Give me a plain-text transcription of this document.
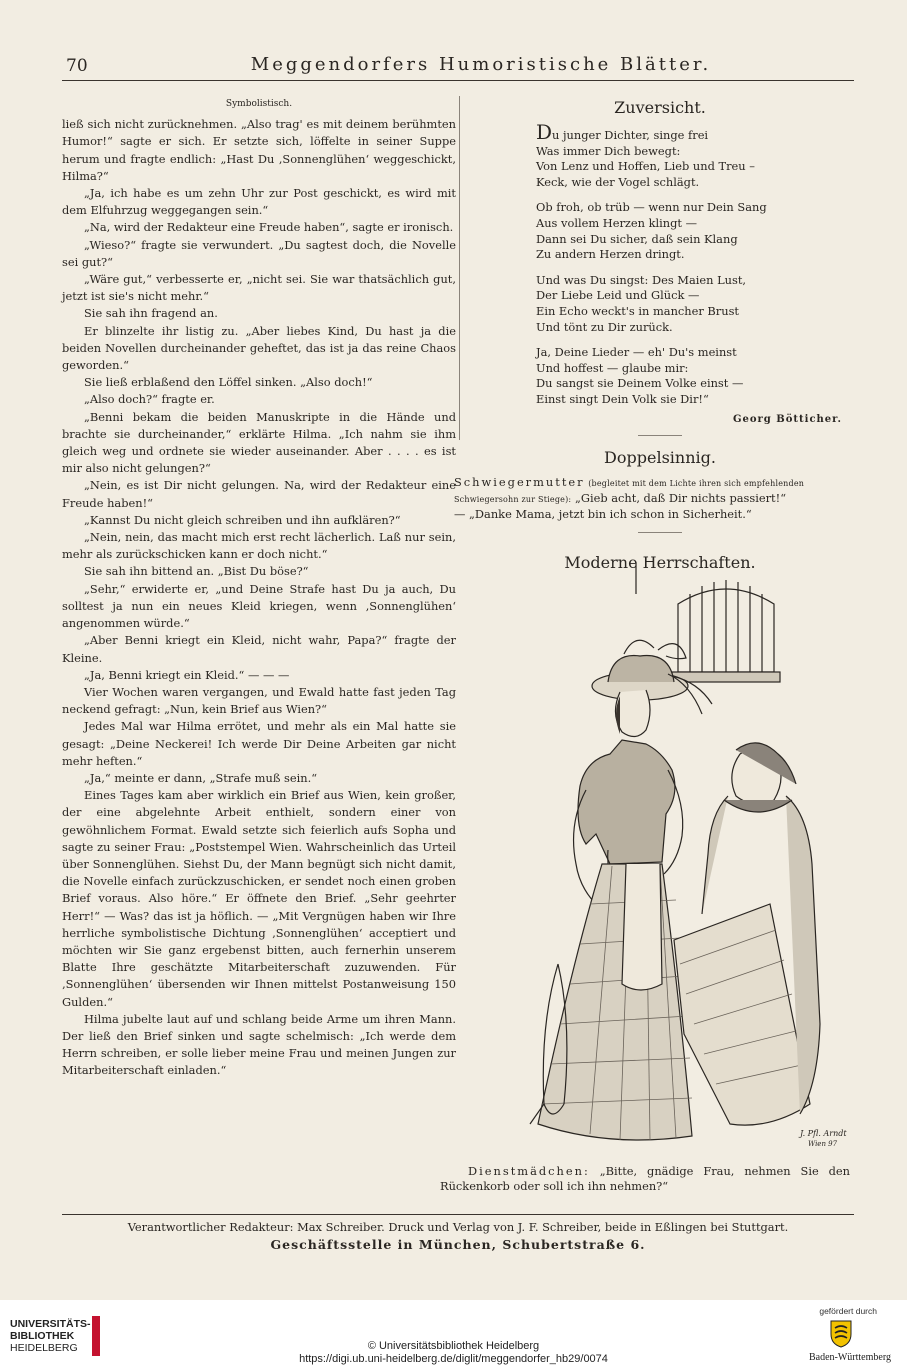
70	Meggendorfers Humoristische Blätter.
Symbolistisch.

ließ sich nicht zurücknehmen. „Also trag' es mit deinem berühmten Humor!“ sagte er sich. Er setzte sich, löffelte in seiner Suppe herum und fragte endlich: „Hast Du ‚Sonnenglühen‘ weggeschickt, Hilma?“

„Ja, ich habe es um zehn Uhr zur Post geschickt, es wird mit dem Elfuhrzug weggegangen sein.“

„Na, wird der Redakteur eine Freude haben“, sagte er ironisch.

„Wieso?“ fragte sie verwundert. „Du sagtest doch, die Novelle sei gut?“

„Wäre gut,“ verbesserte er, „nicht sei. Sie war thatsächlich gut, jetzt ist sie's nicht mehr.“

Sie sah ihn fragend an.

Er blinzelte ihr listig zu. „Aber liebes Kind, Du hast ja die beiden Novellen durcheinander geheftet, das ist ja das reine Chaos geworden.“

Sie ließ erblaßend den Löffel sinken. „Also doch!“

„Also doch?“ fragte er.

„Benni bekam die beiden Manuskripte in die Hände und brachte sie durcheinander,“ erklärte Hilma. „Ich nahm sie ihm gleich weg und ordnete sie wieder auseinander. Aber . . . . es ist mir also nicht gelungen?“

„Nein, es ist Dir nicht gelungen. Na, wird der Redakteur eine Freude haben!“

„Kannst Du nicht gleich schreiben und ihn aufklären?“

„Nein, nein, das macht mich erst recht lächerlich. Laß nur sein, mehr als zurückschicken kann er doch nicht.“

Sie sah ihn bittend an. „Bist Du böse?“

„Sehr,“ erwiderte er, „und Deine Strafe hast Du ja auch, Du solltest ja nun ein neues Kleid kriegen, wenn ‚Sonnenglühen‘ angenommen würde.“

„Aber Benni kriegt ein Kleid, nicht wahr, Papa?“ fragte der Kleine.

„Ja, Benni kriegt ein Kleid.“ — — —

Vier Wochen waren vergangen, und Ewald hatte fast jeden Tag neckend gefragt: „Nun, kein Brief aus Wien?“

Jedes Mal war Hilma errötet, und mehr als ein Mal hatte sie gesagt: „Deine Neckerei! Ich werde Dir Deine Arbeiten gar nicht mehr heften.“

„Ja,“ meinte er dann, „Strafe muß sein.“

Eines Tages kam aber wirklich ein Brief aus Wien, kein großer, der eine abgelehnte Arbeit enthielt, sondern einer von gewöhnlichem Format. Ewald setzte sich feierlich aufs Sopha und sagte zu seiner Frau: „Poststempel Wien. Wahrscheinlich das Urteil über Sonnenglühen. Siehst Du, der Mann begnügt sich nicht damit, die Novelle einfach zurückzuschicken, er sendet noch einen groben Brief voraus. Also höre.“ Er öffnete den Brief. „Sehr geehrter Herr!“ — Was? das ist ja höflich. — „Mit Vergnügen haben wir Ihre herrliche symbolistische Dichtung ‚Sonnenglühen‘ acceptiert und möchten wir Sie ganz ergebenst bitten, auch fernerhin unserem Blatte Ihre geschätzte Mitarbeiterschaft zuzuwenden. Für ‚Sonnenglühen‘ übersenden wir Ihnen mittelst Postanweisung 150 Gulden.“

Hilma jubelte laut auf und schlang beide Arme um ihren Mann. Der ließ den Brief sinken und sagte schelmisch: „Ich werde dem Herrn schreiben, er solle lieber meine Frau und meinen Jungen zur Mitarbeiterschaft einladen.“

Zuversicht.
Du junger Dichter, singe frei
Was immer Dich bewegt:
Von Lenz und Hoffen, Lieb und Treu –
Keck, wie der Vogel schlägt.
Ob froh, ob trüb — wenn nur Dein Sang
Aus vollem Herzen klingt —
Dann sei Du sicher, daß sein Klang
Zu andern Herzen dringt.
Und was Du singst: Des Maien Lust,
Der Liebe Leid und Glück —
Ein Echo weckt's in mancher Brust
Und tönt zu Dir zurück.
Ja, Deine Lieder — eh' Du's meinst
Und hoffest — glaube mir:
Du sangst sie Deinem Volke einst —
Einst singt Dein Volk sie Dir!“
Georg Bötticher.
Doppelsinnig.
Schwiegermutter (begleitet mit dem Lichte ihren sich empfehlenden Schwiegersohn zur Stiege): „Gieb acht, daß Dir nichts passiert!“
— „Danke Mama, jetzt bin ich schon in Sicherheit.“
Moderne Herrschaften.
J. Pfl. Arndt
Wien 97
Dienstmädchen: „Bitte, gnädige Frau, nehmen Sie den Rückenkorb oder soll ich ihn nehmen?“
Verantwortlicher Redakteur: Max Schreiber. Druck und Verlag von J. F. Schreiber, beide in Eßlingen bei Stuttgart.
Geschäftsstelle in München, Schubertstraße 6.
UNIVERSITÄTS-
BIBLIOTHEK
HEIDELBERG	© Universitätsbibliothek Heidelberg
https://digi.ub.uni-heidelberg.de/diglit/meggendorfer_hb29/0074
gefördert durch
Baden-Württemberg
